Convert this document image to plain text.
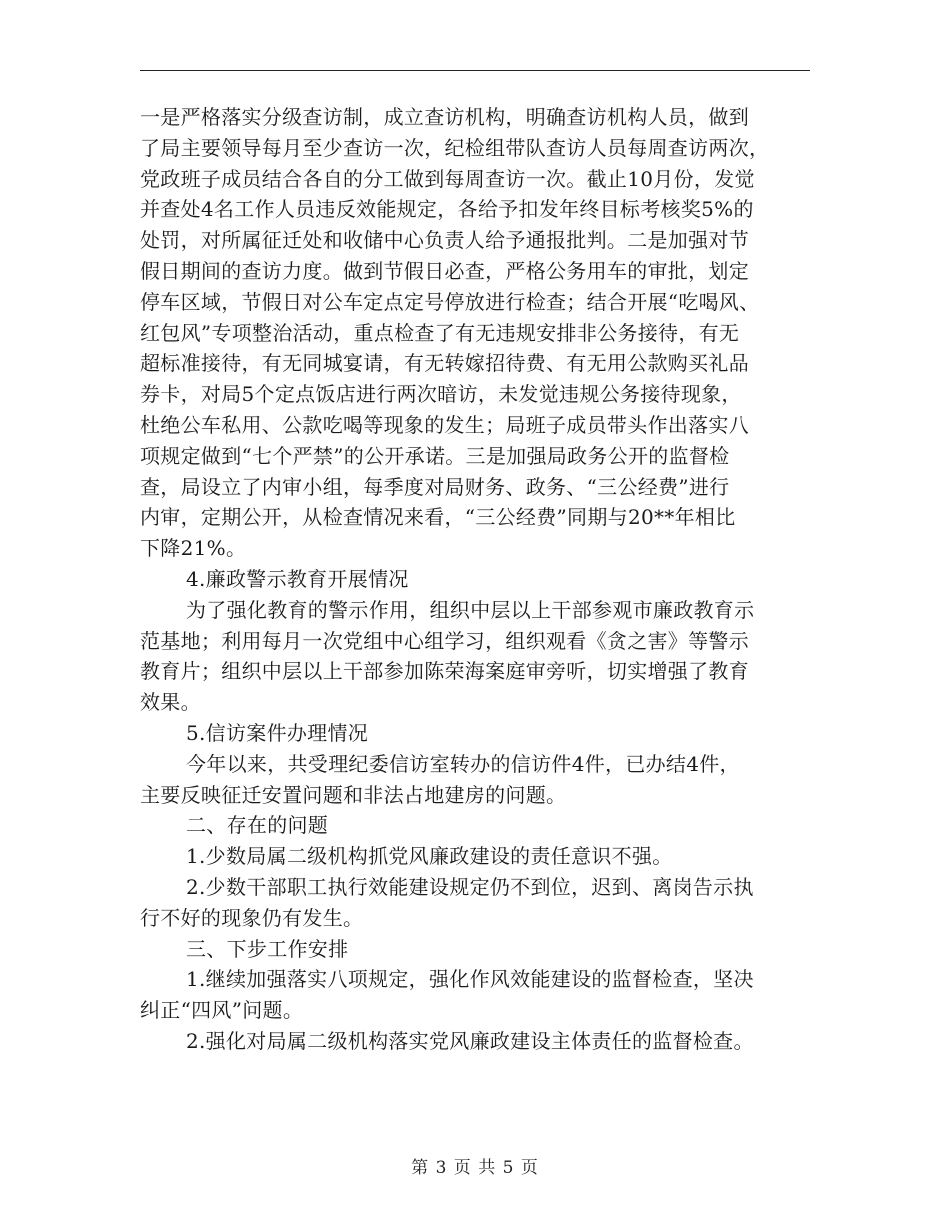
一是严格落实分级查访制，成立查访机构，明确查访机构人员，做到
了局主要领导每月至少查访一次，纪检组带队查访人员每周查访两次，
党政班子成员结合各自的分工做到每周查访一次。截止10月份，发觉
并查处4名工作人员违反效能规定，各给予扣发年终目标考核奖5%的
处罚，对所属征迁处和收储中心负责人给予通报批判。二是加强对节
假日期间的查访力度。做到节假日必查，严格公务用车的审批，划定
停车区域，节假日对公车定点定号停放进行检查；结合开展“吃喝风、
红包风”专项整治活动，重点检查了有无违规安排非公务接待，有无
超标准接待，有无同城宴请，有无转嫁招待费、有无用公款购买礼品
券卡，对局5个定点饭店进行两次暗访，未发觉违规公务接待现象，
杜绝公车私用、公款吃喝等现象的发生；局班子成员带头作出落实八
项规定做到“七个严禁”的公开承诺。三是加强局政务公开的监督检
查，局设立了内审小组，每季度对局财务、政务、“三公经费”进行
内审，定期公开，从检查情况来看，“三公经费”同期与20**年相比
下降21%。
4.廉政警示教育开展情况
为了强化教育的警示作用，组织中层以上干部参观市廉政教育示
范基地；利用每月一次党组中心组学习，组织观看《贪之害》等警示
教育片；组织中层以上干部参加陈荣海案庭审旁听，切实增强了教育
效果。
5.信访案件办理情况
今年以来，共受理纪委信访室转办的信访件4件，已办结4件，
主要反映征迁安置问题和非法占地建房的问题。
二、存在的问题
1.少数局属二级机构抓党风廉政建设的责任意识不强。
2.少数干部职工执行效能建设规定仍不到位，迟到、离岗告示执
行不好的现象仍有发生。
三、下步工作安排
1.继续加强落实八项规定，强化作风效能建设的监督检查，坚决
纠正“四风”问题。
2.强化对局属二级机构落实党风廉政建设主体责任的监督检查。
第 3 页 共 5 页
